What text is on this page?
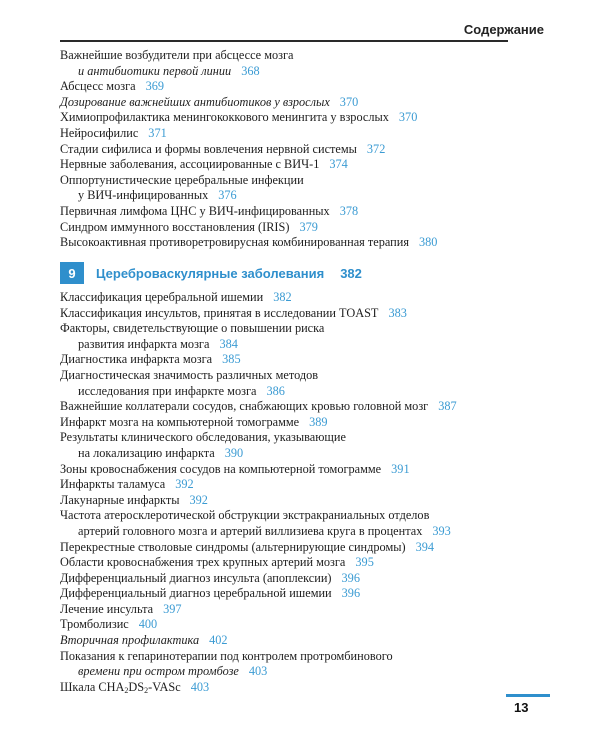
Содержание
Важнейшие возбудители при абсцессе мозга
и антибиотики первой линии 368
Абсцесс мозга 369
Дозирование важнейших антибиотиков у взрослых 370
Химиопрофилактика менингококкового менингита у взрослых 370
Нейросифилис 371
Стадии сифилиса и формы вовлечения нервной системы 372
Нервные заболевания, ассоциированные с ВИЧ-1 374
Оппортунистические церебральные инфекции
у ВИЧ-инфицированных 376
Первичная лимфома ЦНС у ВИЧ-инфицированных 378
Синдром иммунного восстановления (IRIS) 379
Высокоактивная противоретровирусная комбинированная терапия 380
9	Цереброваскулярные заболевания 382
Классификация церебральной ишемии 382
Классификация инсультов, принятая в исследовании TOAST 383
Факторы, свидетельствующие о повышении риска
развития инфаркта мозга 384
Диагностика инфаркта мозга 385
Диагностическая значимость различных методов
исследования при инфаркте мозга 386
Важнейшие коллатерали сосудов, снабжающих кровью головной мозг 387
Инфаркт мозга на компьютерной томограмме 389
Результаты клинического обследования, указывающие
на локализацию инфаркта 390
Зоны кровоснабжения сосудов на компьютерной томограмме 391
Инфаркты таламуса 392
Лакунарные инфаркты 392
Частота атеросклеротической обструкции экстракраниальных отделов
артерий головного мозга и артерий виллизиева круга в процентах 393
Перекрестные стволовые синдромы (альтернирующие синдромы) 394
Области кровоснабжения трех крупных артерий мозга 395
Дифференциальный диагноз инсульта (апоплексии) 396
Дифференциальный диагноз церебральной ишемии 396
Лечение инсульта 397
Тромболизис 400
Вторичная профилактика 402
Показания к гепаринотерапии под контролем протромбинового
времени при остром тромбозе 403
Шкала $CHA_2DS_2$-VASc 403
13
